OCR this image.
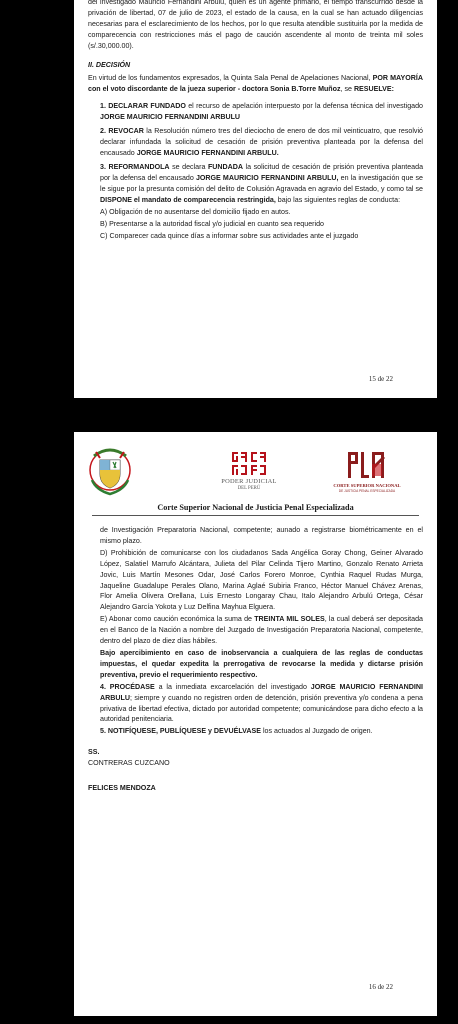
del investigado Mauricio Fernandini Arbulú, quien es un agente primario, el tiempo transcurrido desde la privación de libertad, 07 de julio de 2023, el estado de la causa, en la cual se han actuado diligencias necesarias para el esclarecimiento de los hechos, por lo que resulta atendible sustituirla por la medida de comparecencia con restricciones más el pago de caución ascendente al monto de treinta mil soles (s/.30,000.00).

II. DECISIÓN

En virtud de los fundamentos expresados, la Quinta Sala Penal de Apelaciones Nacional, POR MAYORÍA con el voto discordante de la jueza superior - doctora Sonia B.Torre Muñoz, se RESUELVE:

1. DECLARAR FUNDADO el recurso de apelación interpuesto por la defensa técnica del investigado JORGE MAURICIO FERNANDINI ARBULU

2. REVOCAR la Resolución número tres del dieciocho de enero de dos mil veinticuatro, que resolvió declarar infundada la solicitud de cesación de prisión preventiva planteada por la defensa del encausado JORGE MAURICIO FERNANDINI ARBULU.

3. REFORMANDOLA se declara FUNDADA la solicitud de cesación de prisión preventiva planteada por la defensa del encausado JORGE MAURICIO FERNANDINI ARBULU, en la investigación que se le sigue por la presunta comisión del delito de Colusión Agravada en agravio del Estado, y como tal se DISPONE el mandato de comparecencia restringida, bajo las siguientes reglas de conducta:

A) Obligación de no ausentarse del domicilio fijado en autos.

B) Presentarse a la autoridad fiscal y/o judicial en cuanto sea requerido

C) Comparecer cada quince días a informar sobre sus actividades ante el juzgado

15 de 22
PODER JUDICIAL
DEL PERÚ
CORTE SUPERIOR NACIONAL
DE JUSTICIA PENAL ESPECIALIZADA
Corte Superior Nacional de Justicia Penal Especializada

de Investigación Preparatoria Nacional, competente; aunado a registrarse biométricamente en el mismo plazo.

D) Prohibición de comunicarse con los ciudadanos Sada Angélica Goray Chong, Geiner Alvarado López, Salatiel Marrufo Alcántara, Julieta del Pilar Celinda Tijero Martino, Gonzalo Renato Arrieta Jovic, Luis Martín Mesones Odar, José Carlos Forero Monroe, Cynthia Raquel Rudas Murga, Jaqueline Guadalupe Perales Olano, Marina Aglaé Subiria Franco, Héctor Manuel Chávez Arenas, Flor Amelia Olivera Orellana, Luis Ernesto Longaray Chau, Italo Alejandro Arbulú Ortega, César Alejandro García Yokota y Luz Delfina Mayhua Elguera.

E) Abonar como caución económica la suma de TREINTA MIL SOLES, la cual deberá ser depositada en el Banco de la Nación a nombre del Juzgado de Investigación Preparatoria Nacional, competente, dentro del plazo de diez días hábiles.

Bajo apercibimiento en caso de inobservancia a cualquiera de las reglas de conductas impuestas, el quedar expedita la prerrogativa de revocarse la medida y dictarse prisión preventiva, previo el requerimiento respectivo.

4. PROCÉDASE a la inmediata excarcelación del investigado JORGE MAURICIO FERNANDINI ARBULU; siempre y cuando no registren orden de detención, prisión preventiva y/o condena a pena privativa de libertad efectiva, dictado por autoridad competente; comunicándose para dicho efecto a la autoridad penitenciaria.

5. NOTIFÍQUESE, PUBLÍQUESE y DEVUÉLVASE los actuados al Juzgado de origen.

SS.

CONTRERAS CUZCANO

FELICES MENDOZA

16 de 22
